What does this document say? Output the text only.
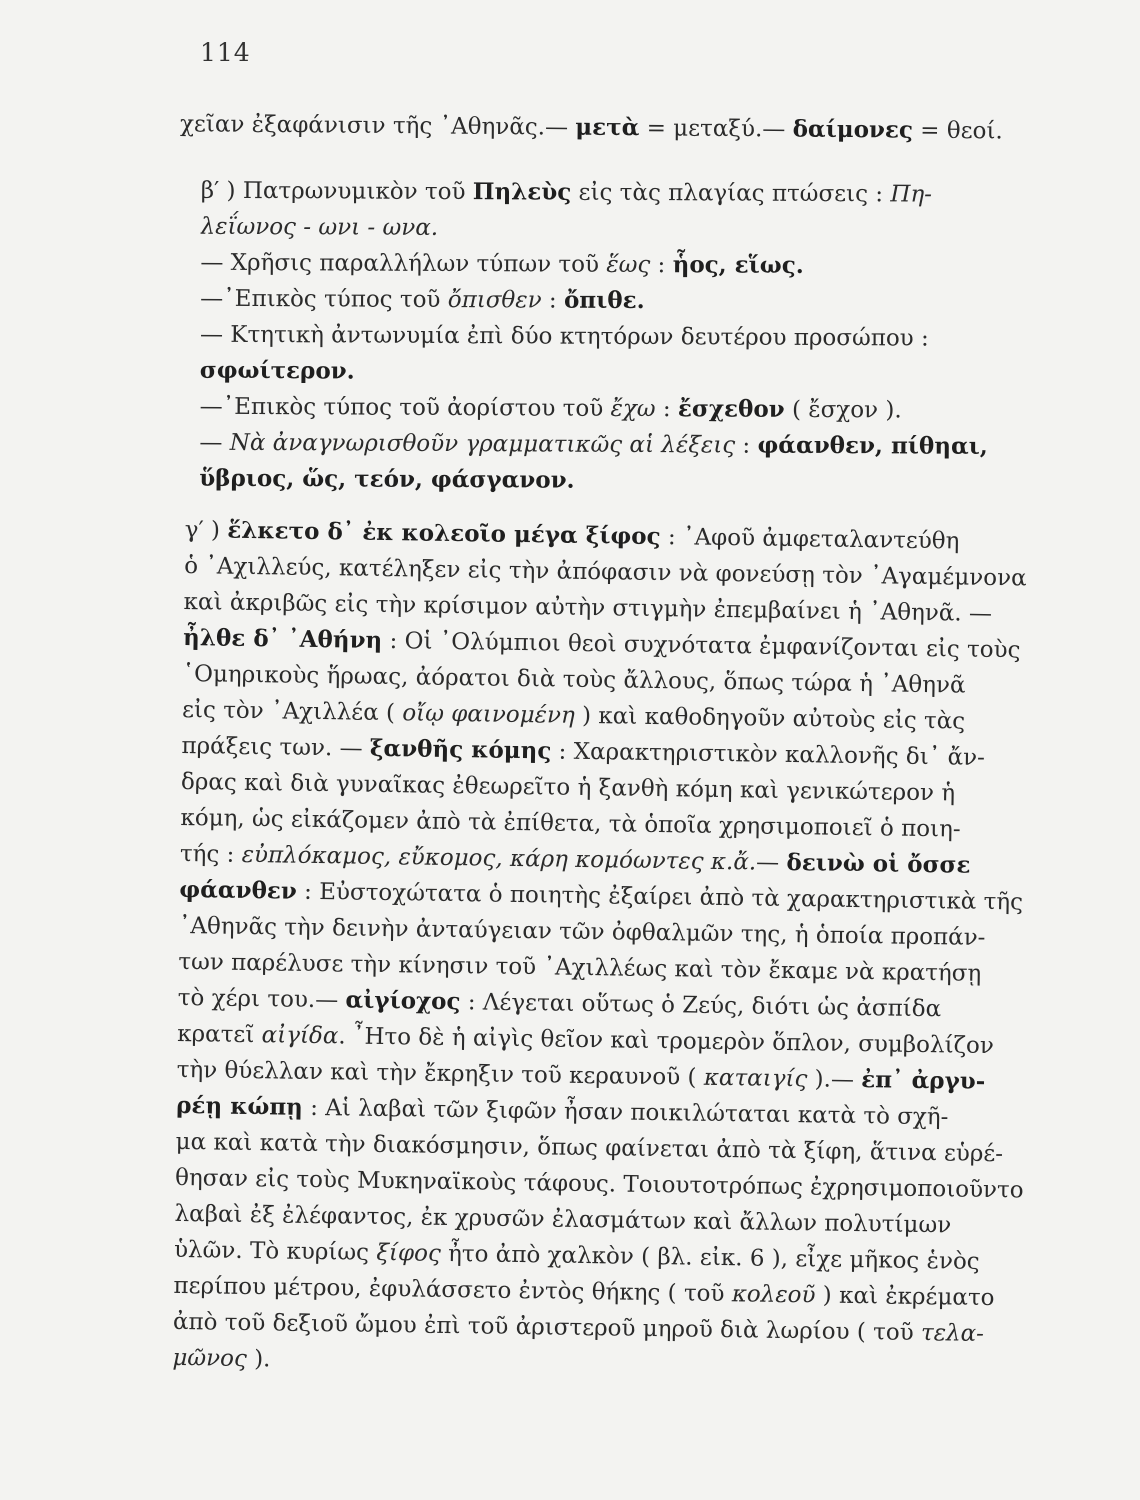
114
χεῖαν ἐξαφάνισιν τῆς ᾿Αθηνᾶς.— μετὰ = μεταξύ.— δαίμονες = θεοί.
β′ ) Πατρωνυμικὸν τοῦ Πηλεὺς εἰς τὰς πλαγίας πτώσεις : Πη-
λεΐωνος - ωνι - ωνα.
— Χρῆσις παραλλήλων τύπων τοῦ ἕως : ἧος, εἵως.
—᾿Επικὸς τύπος τοῦ ὄπισθεν : ὄπιθε.
— Κτητικὴ ἀντωνυμία ἐπὶ δύο κτητόρων δευτέρου προσώπου :
σφωίτερον.
—᾿Επικὸς τύπος τοῦ ἀορίστου τοῦ ἔχω : ἔσχεθον ( ἔσχον ).
— Νὰ ἀναγνωρισθοῦν γραμματικῶς αἱ λέξεις : φάανθεν, πίθηαι,
ὕβριος, ὥς, τεόν, φάσγανον.
γ′ ) ἕλκετο δ᾿ ἐκ κολεοῖο μέγα ξίφος : ᾿Αφοῦ ἀμφεταλαντεύθη
ὁ ᾿Αχιλλεύς, κατέληξεν εἰς τὴν ἀπόφασιν νὰ φονεύσῃ τὸν ᾿Αγαμέμνονα
καὶ ἀκριβῶς εἰς τὴν κρίσιμον αὐτὴν στιγμὴν ἐπεμβαίνει ἡ ᾿Αθηνᾶ. —
ἦλθε δ᾿ ᾿Αθήνη : Οἱ ᾿Ολύμπιοι θεοὶ συχνότατα ἐμφανίζονται εἰς τοὺς
῾Ομηρικοὺς ἥρωας, ἀόρατοι διὰ τοὺς ἄλλους, ὅπως τώρα ἡ ᾿Αθηνᾶ
εἰς τὸν ᾿Αχιλλέα ( οἴῳ φαινομένη ) καὶ καθοδηγοῦν αὐτοὺς εἰς τὰς
πράξεις των. — ξανθῆς κόμης : Χαρακτηριστικὸν καλλονῆς δι᾿ ἄν-
δρας καὶ διὰ γυναῖκας ἐθεωρεῖτο ἡ ξανθὴ κόμη καὶ γενικώτερον ἡ
κόμη, ὡς εἰκάζομεν ἀπὸ τὰ ἐπίθετα, τὰ ὁποῖα χρησιμοποιεῖ ὁ ποιη-
τής : εὐπλόκαμος, εὔκομος, κάρη κομόωντες κ.ἄ.— δεινὼ οἱ ὄσσε
φάανθεν : Εὐστοχώτατα ὁ ποιητὴς ἐξαίρει ἀπὸ τὰ χαρακτηριστικὰ τῆς
᾿Αθηνᾶς τὴν δεινὴν ἀνταύγειαν τῶν ὀφθαλμῶν της, ἡ ὁποία προπάν-
των παρέλυσε τὴν κίνησιν τοῦ ᾿Αχιλλέως καὶ τὸν ἔκαμε νὰ κρατήσῃ
τὸ χέρι του.— αἰγίοχος : Λέγεται οὕτως ὁ Ζεύς, διότι ὡς ἀσπίδα
κρατεῖ αἰγίδα. ῏Ητο δὲ ἡ αἰγὶς θεῖον καὶ τρομερὸν ὅπλον, συμβολίζον
τὴν θύελλαν καὶ τὴν ἔκρηξιν τοῦ κεραυνοῦ ( καταιγίς ).— ἐπ᾿ ἀργυ-
ρέῃ κώπῃ : Αἱ λαβαὶ τῶν ξιφῶν ἦσαν ποικιλώταται κατὰ τὸ σχῆ-
μα καὶ κατὰ τὴν διακόσμησιν, ὅπως φαίνεται ἀπὸ τὰ ξίφη, ἅτινα εὑρέ-
θησαν εἰς τοὺς Μυκηναϊκοὺς τάφους. Τοιουτοτρόπως ἐχρησιμοποιοῦντο
λαβαὶ ἐξ ἐλέφαντος, ἐκ χρυσῶν ἐλασμάτων καὶ ἄλλων πολυτίμων
ὑλῶν. Τὸ κυρίως ξίφος ἦτο ἀπὸ χαλκὸν ( βλ. εἰκ. 6 ), εἶχε μῆκος ἑνὸς
περίπου μέτρου, ἐφυλάσσετο ἐντὸς θήκης ( τοῦ κολεοῦ ) καὶ ἐκρέματο
ἀπὸ τοῦ δεξιοῦ ὤμου ἐπὶ τοῦ ἀριστεροῦ μηροῦ διὰ λωρίου ( τοῦ τελα-
μῶνος ).
